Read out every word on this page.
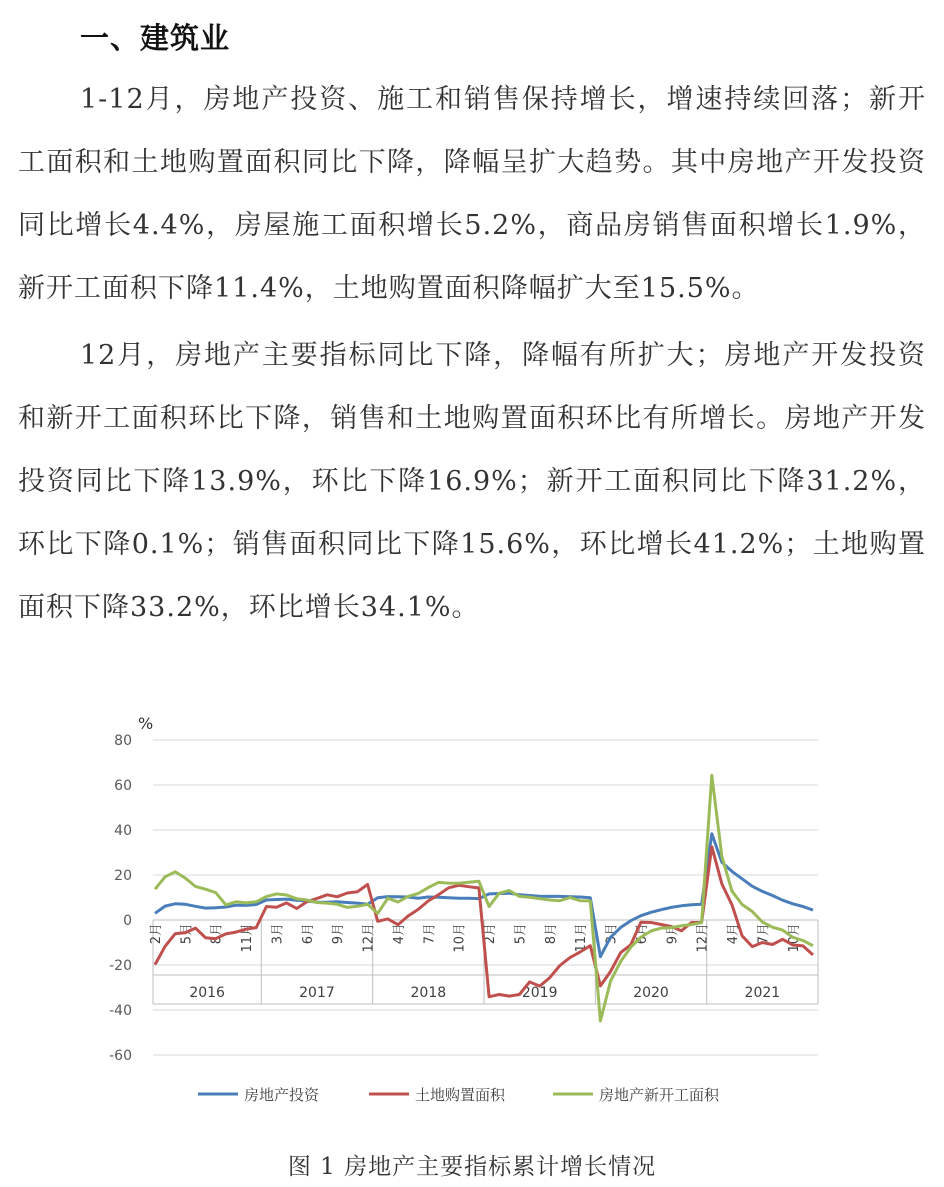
一、建筑业

1-12月，房地产投资、施工和销售保持增长，增速持续回落；新开工面积和土地购置面积同比下降，降幅呈扩大趋势。其中房地产开发投资同比增长4.4%，房屋施工面积增长5.2%，商品房销售面积增长1.9%，新开工面积下降11.4%，土地购置面积降幅扩大至15.5%。

12月，房地产主要指标同比下降，降幅有所扩大；房地产开发投资和新开工面积环比下降，销售和土地购置面积环比有所增长。房地产开发投资同比下降13.9%，环比下降16.9%；新开工面积同比下降31.2%，环比下降0.1%；销售面积同比下降15.6%，环比增长41.2%；土地购置面积下降33.2%，环比增长34.1%。

80
60
40
20
0
-20
-40
-60
%
2016	2017	2018	2019	2020	2021
2月 5月 8月 11月 3月 6月 9月 12月 4月 7月 10月 2月 5月 8月 11月 3月 6月 9月 12月 4月 7月 10月
房地产投资	土地购置面积	房地产新开工面积
图 1 房地产主要指标累计增长情况
